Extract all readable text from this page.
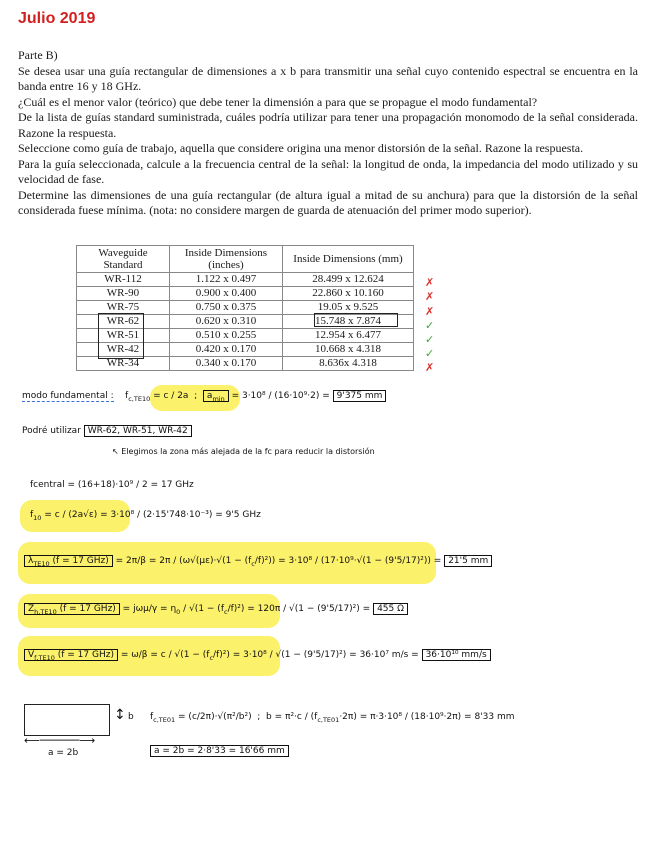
Julio 2019

Parte B)

Se desea usar una guía rectangular de dimensiones a x b para transmitir una señal cuyo contenido espectral se encuentra en la banda entre 16 y 18 GHz.

¿Cuál es el menor valor (teórico) que debe tener la dimensión a para que se propague el modo fundamental?

De la lista de guías standard suministrada, cuáles podría utilizar para tener una propagación monomodo de la señal considerada. Razone la respuesta.

Seleccione como guía de trabajo, aquella que considere origina una menor distorsión de la señal. Razone la respuesta.

Para la guía seleccionada, calcule a la frecuencia central de la señal: la longitud de onda, la impedancia del modo utilizado y su velocidad de fase.

Determine las dimensiones de una guía rectangular (de altura igual a mitad de su anchura) para que la distorsión de la señal considerada fuese mínima. (nota: no considere margen de guarda de atenuación del primer modo superior).

Waveguide Standard	Inside Dimensions (inches)	Inside Dimensions (mm)
WR-112	1.122 x 0.497	28.499 x 12.624
WR-90	0.900 x 0.400	22.860 x 10.160
WR-75	0.750 x 0.375	19.05 x 9.525
WR-62	0.620 x 0.310	15.748 x 7.874
WR-51	0.510 x 0.255	12.954 x 6.477
WR-42	0.420 x 0.170	10.668 x 4.318
WR-34	0.340 x 0.170	8.636x 4.318
✗
✗
✗
✓
✓
✓
✗
modo fundamental :    $f_{c,TE10} = c / 2a$  ;  $a_{min} = 3\cdot 10^8 / (16\cdot 10^9\cdot 2) = 9'375$ mm
Podré utilizar WR-62, WR-51, WR-42
↖ Elegimos la zona más alejada de la fc para reducir la distorsión
fcentral = (16+18)·10⁹ / 2 = 17 GHz
$f_{10} = c / (2a√\varepsilon) = 3\cdot 10^8 / (2\cdot 15'748\cdot 10^{-3}) = 9'5$ GHz
$\lambda_{TE10}$ (f = 17 $GHz) = 2\pi/\beta = 2\pi / (\omega√(\mu\varepsilon)\cdot√(1 - (f_c/f)^2)) = 3\cdot 10^8 / (17\cdot 10^9\cdot√(1 - (9'5/17)^2)) = 21'5$ mm
$Z_{h,TE10}$ (f = 17 $GHz) = j\omega\mu/\gamma = \eta_0 / √(1 - (f_c/f)^2) = 120\pi / √(1 - (9'5/17)^2) = 455$ Ω
$V_{f,TE10}$ (f = 17 $GHz) = \omega/\beta = c / √(1 - (f_c/f)^2) = 3\cdot 10^8 / √(1 - (9'5/17)^2) = 36\cdot 10^7$ m/s = 36·10¹⁰ mm/s
↕ b
⟵──────⟶
a = 2b
$f_{c,TE01} = (c/2\pi)\cdot√(\pi^2/b^2)$  ;  $b = \pi^2\cdot c / (f_{c,TE01}\cdot 2\pi) = \pi\cdot 3\cdot 10^8 / (18\cdot 10^9\cdot 2\pi) = 8'33$ mm
a = 2b = 2·8'33 = 16'66 mm
